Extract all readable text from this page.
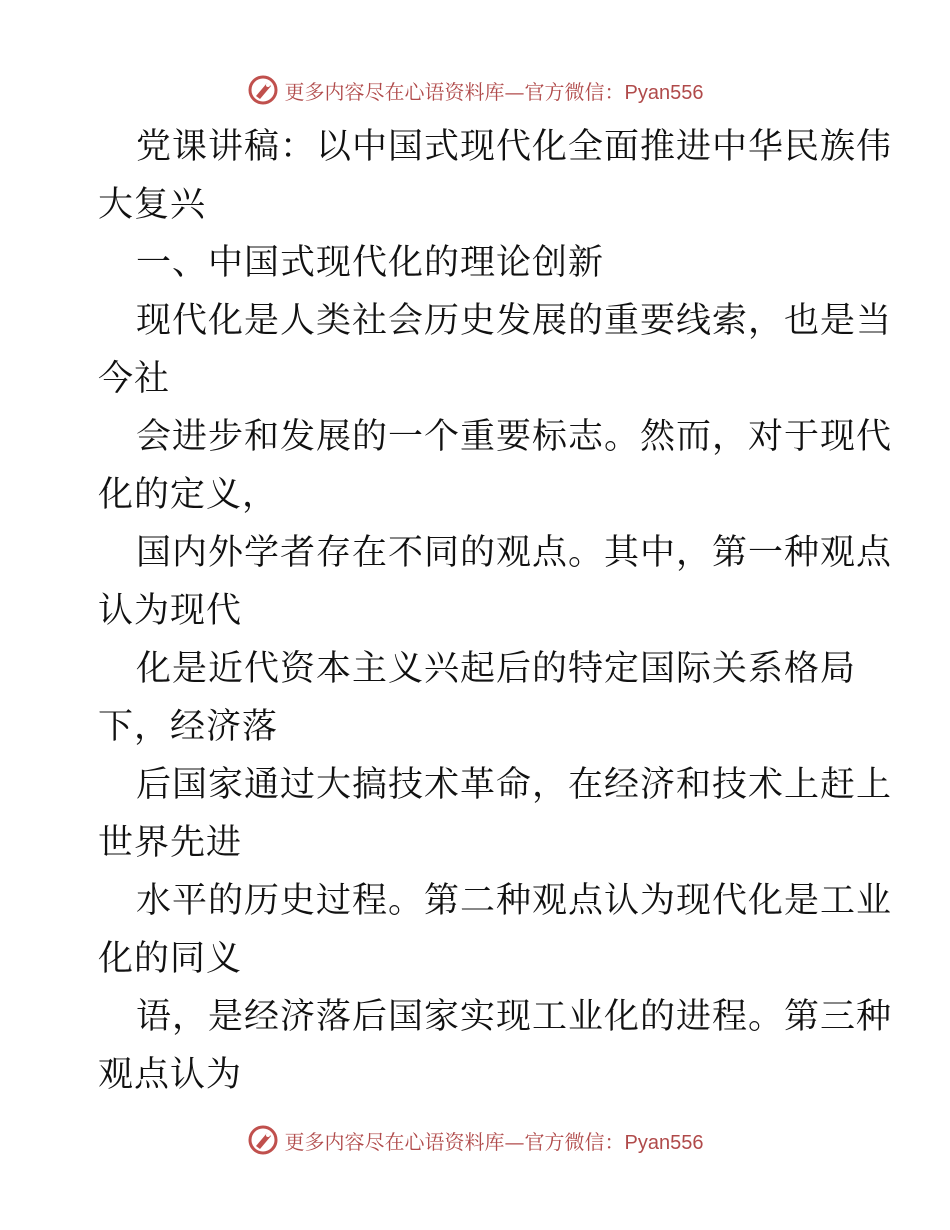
更多内容尽在心语资料库—官方微信：Pyan556
党课讲稿：以中国式现代化全面推进中华民族伟
大复兴
一、中国式现代化的理论创新
现代化是人类社会历史发展的重要线索，也是当
今社
会进步和发展的一个重要标志。然而，对于现代
化的定义，
国内外学者存在不同的观点。其中，第一种观点
认为现代
化是近代资本主义兴起后的特定国际关系格局
下，经济落
后国家通过大搞技术革命，在经济和技术上赶上
世界先进
水平的历史过程。第二种观点认为现代化是工业
化的同义
语，是经济落后国家实现工业化的进程。第三种
观点认为
更多内容尽在心语资料库—官方微信：Pyan556
